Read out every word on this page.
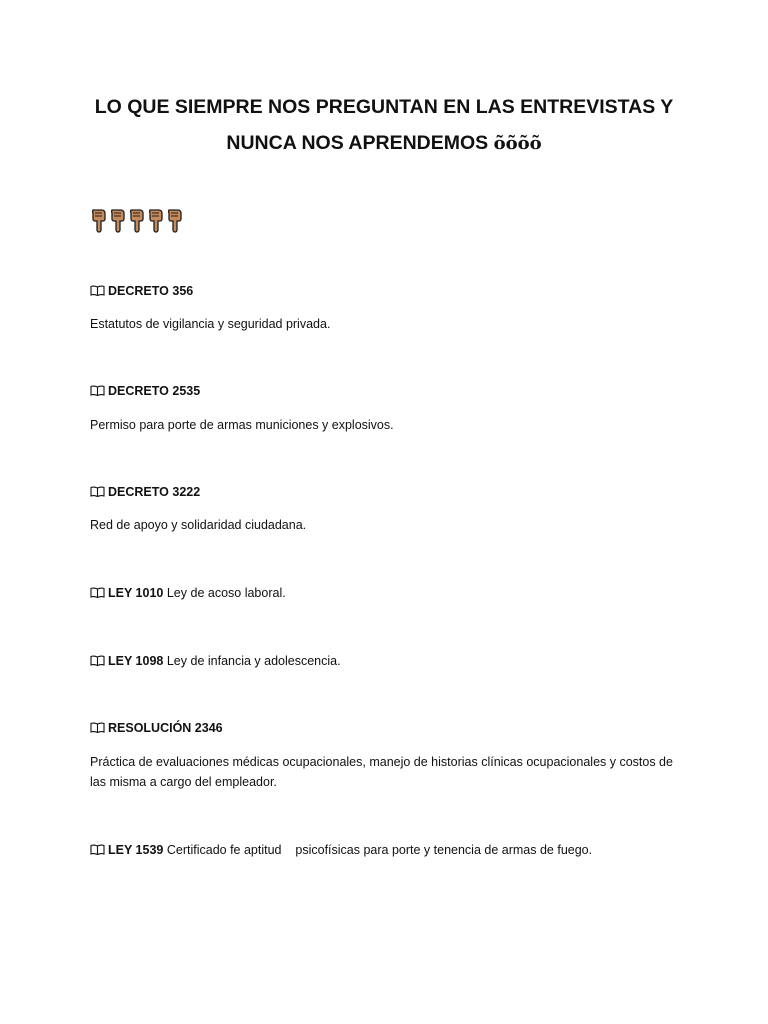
LO QUE SIEMPRE NOS PREGUNTAN EN LAS ENTREVISTAS Y
NUNCA NOS APRENDEMOS õõõõ
DECRETO 356
Estatutos de vigilancia y seguridad privada.
DECRETO 2535
Permiso para porte de armas municiones y explosivos.
DECRETO 3222
Red de apoyo y solidaridad ciudadana.
LEY 1010 Ley de acoso laboral.
LEY 1098 Ley de infancia y adolescencia.
RESOLUCIÓN 2346
Práctica de evaluaciones médicas ocupacionales, manejo de historias clínicas ocupacionales y costos de las misma a cargo del empleador.
LEY 1539 Certificado fe aptitud    psicofísicas para porte y tenencia de armas de fuego.
